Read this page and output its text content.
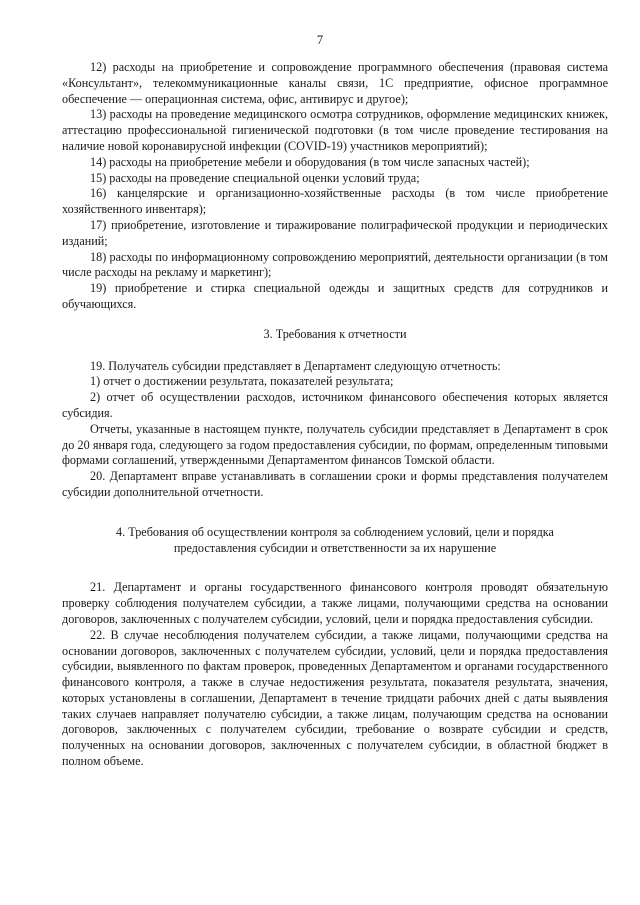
7

12) расходы на приобретение и сопровождение программного обеспечения (правовая система «Консультант», телекоммуникационные каналы связи, 1С предприятие, офисное программное обеспечение — операционная система, офис, антивирус и другое);

13) расходы на проведение медицинского осмотра сотрудников, оформление медицинских книжек, аттестацию профессиональной гигиенической подготовки (в том числе проведение тестирования на наличие новой коронавирусной инфекции (COVID-19) участников мероприятий);

14) расходы на приобретение мебели и оборудования (в том числе запасных частей);

15) расходы на проведение специальной оценки условий труда;

16) канцелярские и организационно-хозяйственные расходы (в том числе приобретение хозяйственного инвентаря);

17) приобретение, изготовление и тиражирование полиграфической продукции и периодических изданий;

18) расходы по информационному сопровождению мероприятий, деятельности организации (в том числе расходы на рекламу и маркетинг);

19) приобретение и стирка специальной одежды и защитных средств для сотрудников и обучающихся.

3. Требования к отчетности

19. Получатель субсидии представляет в Департамент следующую отчетность:

1) отчет о достижении результата, показателей результата;

2) отчет об осуществлении расходов, источником финансового обеспечения которых является субсидия.

Отчеты, указанные в настоящем пункте, получатель субсидии представляет в Департамент в срок до 20 января года, следующего за годом предоставления субсидии, по формам, определенным типовыми формами соглашений, утвержденными Департаментом финансов Томской области.

20. Департамент вправе устанавливать в соглашении сроки и формы представления получателем субсидии дополнительной отчетности.

4. Требования об осуществлении контроля за соблюдением условий, цели и порядка

предоставления субсидии и ответственности за их нарушение

21. Департамент и органы государственного финансового контроля проводят обязательную проверку соблюдения получателем субсидии, а также лицами, получающими средства на основании договоров, заключенных с получателем субсидии, условий, цели и порядка предоставления субсидии.

22. В случае несоблюдения получателем субсидии, а также лицами, получающими средства на основании договоров, заключенных с получателем субсидии, условий, цели и порядка предоставления субсидии, выявленного по фактам проверок, проведенных Департаментом и органами государственного финансового контроля, а также в случае недостижения результата, показателя результата, значения, которых установлены в соглашении, Департамент в течение тридцати рабочих дней с даты выявления таких случаев направляет получателю субсидии, а также лицам, получающим средства на основании договоров, заключенных с получателем субсидии, требование о возврате субсидии и средств, полученных на основании договоров, заключенных с получателем субсидии, в областной бюджет в полном объеме.
